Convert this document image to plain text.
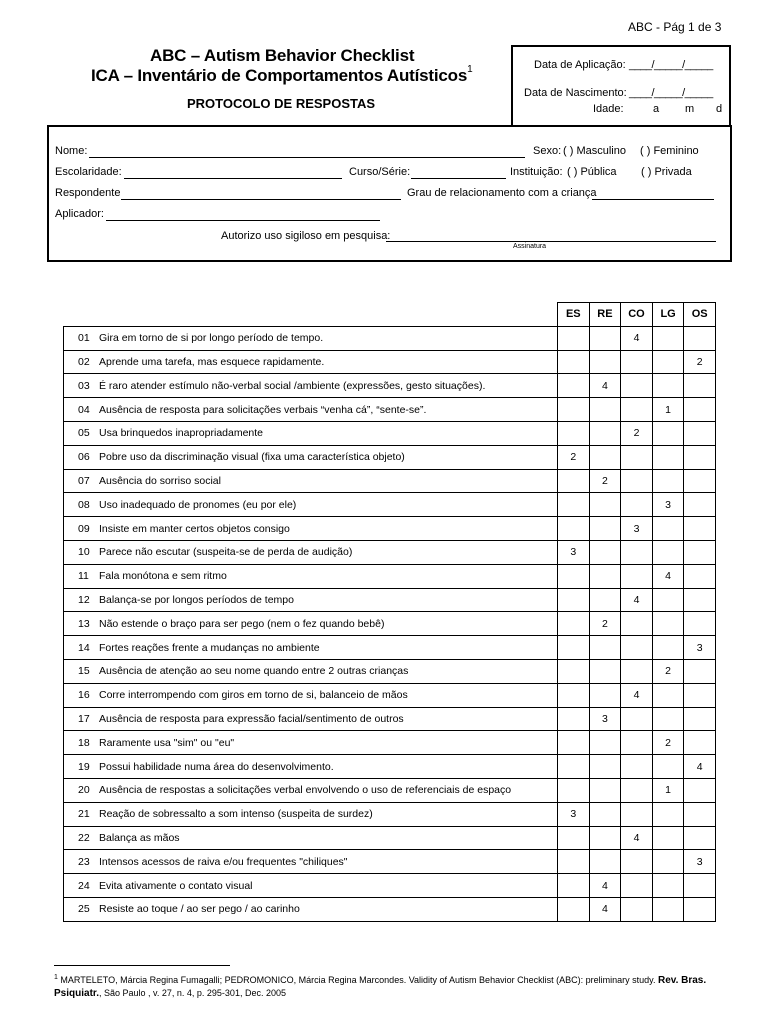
ABC - Pág 1 de 3
ABC – Autism Behavior Checklist
ICA – Inventário de Comportamentos Autísticos$^1$
PROTOCOLO DE RESPOSTAS
Data de Aplicação: ____/_____/_____
Data de Nascimento: ____/_____/_____
Idade:	a m d
Nome:	Sexo: ( ) Masculino ( ) Feminino
Escolaridade:	Curso/Série:	Instituição: ( ) Pública ( ) Privada
Respondente	Grau de relacionamento com a criança
Aplicador:
Autorizo uso sigiloso em pesquisa:
Assinatura
	ES	RE	CO	LG	OS
01 Gira em torno de si por longo período de tempo.			4		
02 Aprende uma tarefa, mas esquece rapidamente.					2
03 É raro atender estímulo não-verbal social /ambiente (expressões, gesto situações).		4			
04 Ausência de resposta para solicitações verbais “venha cá”, “sente-se”.				1	
05 Usa brinquedos inapropriadamente			2		
06 Pobre uso da discriminação visual (fixa uma característica objeto)	2				
07 Ausência do sorriso social		2			
08 Uso inadequado de pronomes (eu por ele)				3	
09 Insiste em manter certos objetos consigo			3		
10 Parece não escutar (suspeita-se de perda de audição)	3				
11 Fala monótona e sem ritmo				4	
12 Balança-se por longos períodos de tempo			4		
13 Não estende o braço para ser pego (nem o fez quando bebê)		2			
14 Fortes reações frente a mudanças no ambiente					3
15 Ausência de atenção ao seu nome quando entre 2 outras crianças				2	
16 Corre interrompendo com giros em torno de si, balanceio de mãos			4		
17 Ausência de resposta para expressão facial/sentimento de outros		3			
18 Raramente usa "sim" ou "eu"				2	
19 Possui habilidade numa área do desenvolvimento.					4
20 Ausência de respostas a solicitações verbal envolvendo o uso de referenciais de espaço				1	
21 Reação de sobressalto a som intenso (suspeita de surdez)	3				
22 Balança as mãos			4		
23 Intensos acessos de raiva e/ou frequentes "chiliques"					3
24 Evita ativamente o contato visual		4			
25 Resiste ao toque / ao ser pego / ao carinho		4			
$^1$ MARTELETO, Márcia Regina Fumagalli; PEDROMONICO, Márcia Regina Marcondes. Validity of Autism Behavior Checklist (ABC): preliminary study. Rev. Bras. Psiquiatr., São Paulo , v. 27, n. 4, p. 295-301, Dec. 2005
